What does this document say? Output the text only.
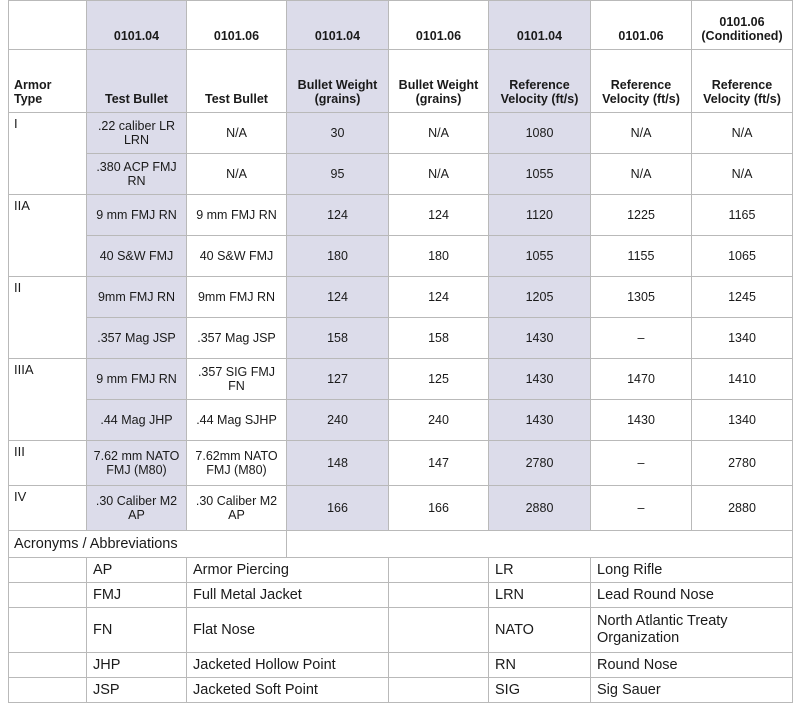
	0101.04	0101.06	0101.04	0101.06	0101.04	0101.06	0101.06 (Conditioned)
Armor Type	Test Bullet	Test Bullet	Bullet Weight (grains)	Bullet Weight (grains)	Reference Velocity (ft/s)	Reference Velocity (ft/s)	Reference Velocity (ft/s)
I	.22 caliber LR LRN	N/A	30	N/A	1080	N/A	N/A
	.380 ACP FMJ RN	N/A	95	N/A	1055	N/A	N/A
IIA	9 mm FMJ RN	9 mm FMJ RN	124	124	1120	1225	1165
	40 S&W FMJ	40 S&W FMJ	180	180	1055	1155	1065
II	9mm FMJ RN	9mm FMJ RN	124	124	1205	1305	1245
	.357 Mag JSP	.357 Mag JSP	158	158	1430	–	1340
IIIA	9 mm FMJ RN	.357 SIG FMJ FN	127	125	1430	1470	1410
	.44 Mag JHP	.44 Mag SJHP	240	240	1430	1430	1340
III	7.62 mm NATO FMJ (M80)	7.62mm NATO FMJ (M80)	148	147	2780	–	2780
IV	.30 Caliber M2 AP	.30 Caliber M2 AP	166	166	2880	–	2880
Acronyms / Abbreviations							
	AP	Armor Piercing			LR	Long Rifle	
	FMJ	Full Metal Jacket			LRN	Lead Round Nose	
	FN	Flat Nose			NATO	North Atlantic Treaty Organization	
	JHP	Jacketed Hollow Point			RN	Round Nose	
	JSP	Jacketed Soft Point			SIG	Sig Sauer	
